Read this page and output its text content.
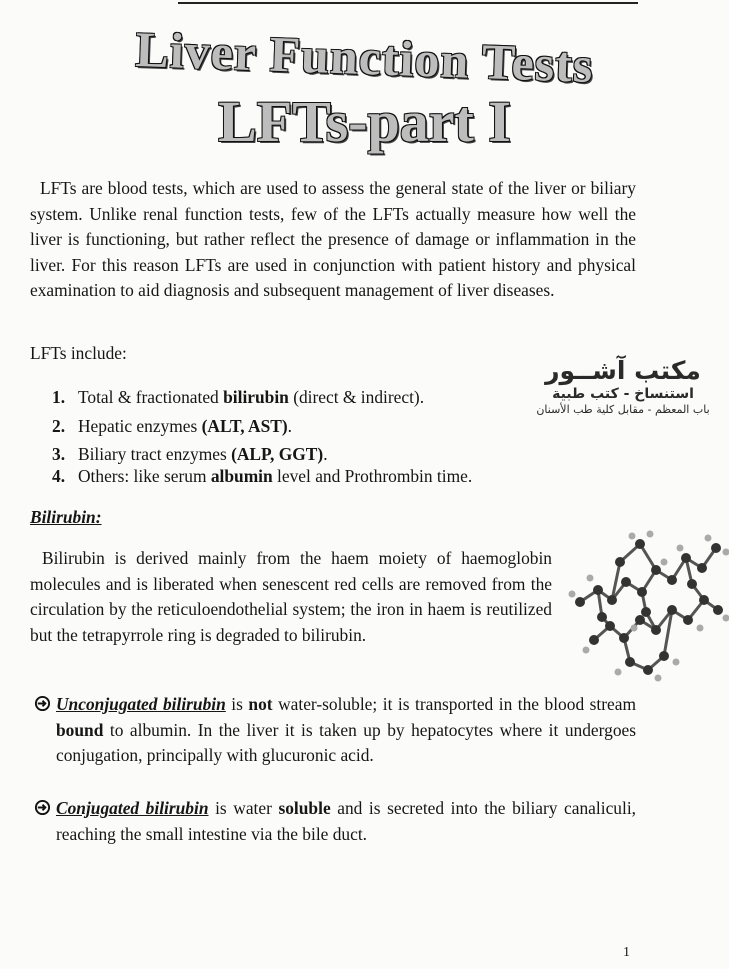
Liver Function Tests
LFTs-part I

LFTs are blood tests, which are used to assess the general state of the liver or biliary system. Unlike renal function tests, few of the LFTs actually measure how well the liver is functioning, but rather reflect the presence of damage or inflammation in the liver. For this reason LFTs are used in conjunction with patient history and physical examination to aid diagnosis and subsequent management of liver diseases.

LFTs include:
1. Total & fractionated bilirubin (direct & indirect).
2. Hepatic enzymes (ALT, AST).
3. Biliary tract enzymes (ALP, GGT).
4. Others: like serum albumin level and Prothrombin time.
مكتب آشــور
استنساخ - كتب طبية
باب المعظم - مقابل كلية طب الأسنان
Bilirubin:

Bilirubin is derived mainly from the haem moiety of haemoglobin molecules and is liberated when senescent red cells are removed from the circulation by the reticuloendothelial system; the iron in haem is reutilized but the tetrapyrrole ring is degraded to bilirubin.

Unconjugated bilirubin is not water-soluble; it is transported in the blood stream bound to albumin. In the liver it is taken up by hepatocytes where it undergoes conjugation, principally with glucuronic acid.

Conjugated bilirubin is water soluble and is secreted into the biliary canaliculi, reaching the small intestine via the bile duct.

1
